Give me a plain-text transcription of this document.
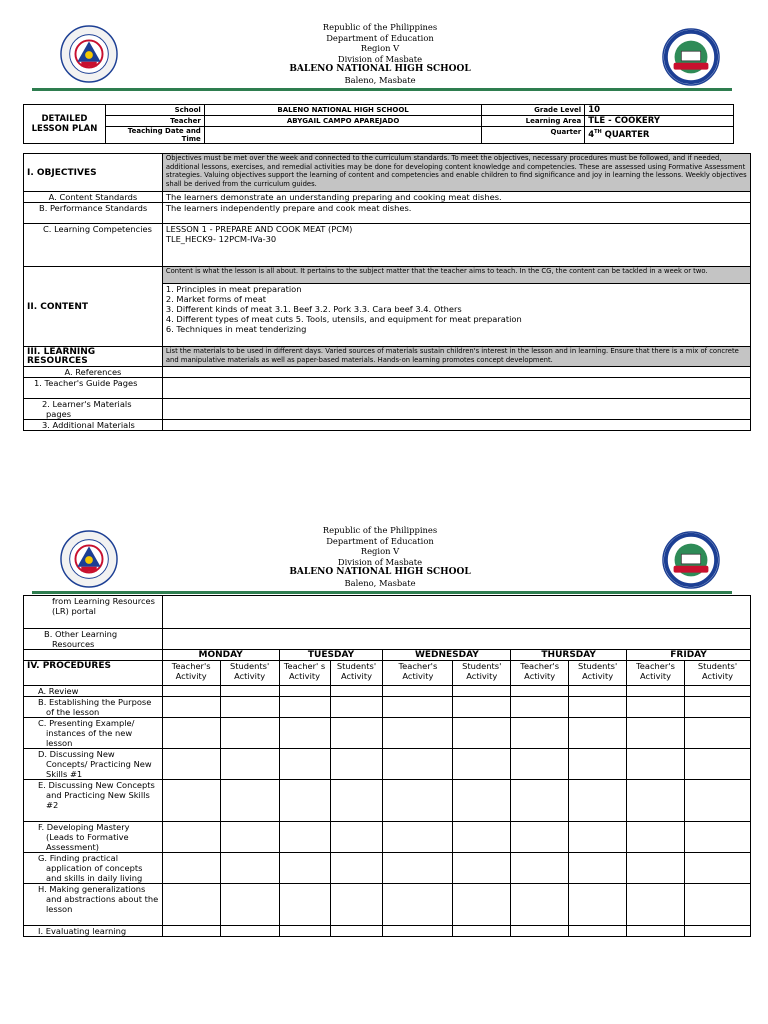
Republic of the Philippines
Department of Education
Region V
Division of Masbate
BALENO NATIONAL HIGH SCHOOL
Baleno, Masbate
DETAILED LESSON PLAN	School	BALENO NATIONAL HIGH SCHOOL	Grade Level	10
	Teacher	ABYGAIL CAMPO APAREJADO	Learning Area	TLE - COOKERY
	Teaching Date and Time		Quarter	4TH QUARTER
I. OBJECTIVES	Objectives must be met over the week and connected to the curriculum standards. To meet the objectives, necessary procedures must be followed, and if needed, additional lessons, exercises, and remedial activities may be done for developing content knowledge and competencies. These are assessed using Formative Assessment strategies. Valuing objectives support the learning of content and competencies and enable children to find significance and joy in learning the lessons. Weekly objectives shall be derived from the curriculum guides.
A. Content Standards	The learners demonstrate an understanding preparing and cooking meat dishes.
B. Performance Standards	The learners independently prepare and cook meat dishes.
C. Learning Competencies	LESSON 1 - PREPARE AND COOK MEAT (PCM)
TLE_HECK9- 12PCM-IVa-30

II. CONTENT	Content is what the lesson is all about. It pertains to the subject matter that the teacher aims to teach. In the CG, the content can be tackled in a week or two.

	1. Principles in meat preparation
2. Market forms of meat
3. Different kinds of meat 3.1. Beef 3.2. Pork 3.3. Cara beef 3.4. Others
4. Different types of meat cuts 5. Tools, utensils, and equipment for meat preparation
6. Techniques in meat tenderizing

III. LEARNING RESOURCES	List the materials to be used in different days. Varied sources of materials sustain children's interest in the lesson and in learning. Ensure that there is a mix of concrete and manipulative materials as well as paper-based materials. Hands-on learning promotes concept development.
A. References	
1. Teacher's Guide Pages	
2. Learner's Materials pages	
3. Additional Materials	
Republic of the Philippines
Department of Education
Region V
Division of Masbate
BALENO NATIONAL HIGH SCHOOL
Baleno, Masbate
from Learning Resources (LR) portal										
B. Other Learning Resources										
	MONDAY		TUESDAY		WEDNESDAY		THURSDAY		FRIDAY	
IV. PROCEDURES	Teacher's Activity	Students' Activity	Teacher' s Activity	Students' Activity	Teacher's Activity	Students' Activity	Teacher's Activity	Students' Activity	Teacher's Activity	Students' Activity
A. Review										
B. Establishing the Purpose of the lesson										
C. Presenting Example/ instances of the new lesson										
D. Discussing New Concepts/ Practicing New Skills #1										
E. Discussing New Concepts and Practicing New Skills #2										
F. Developing Mastery (Leads to Formative Assessment)										
G. Finding practical application of concepts and skills in daily living										
H. Making generalizations and abstractions about the lesson										
I. Evaluating learning										
